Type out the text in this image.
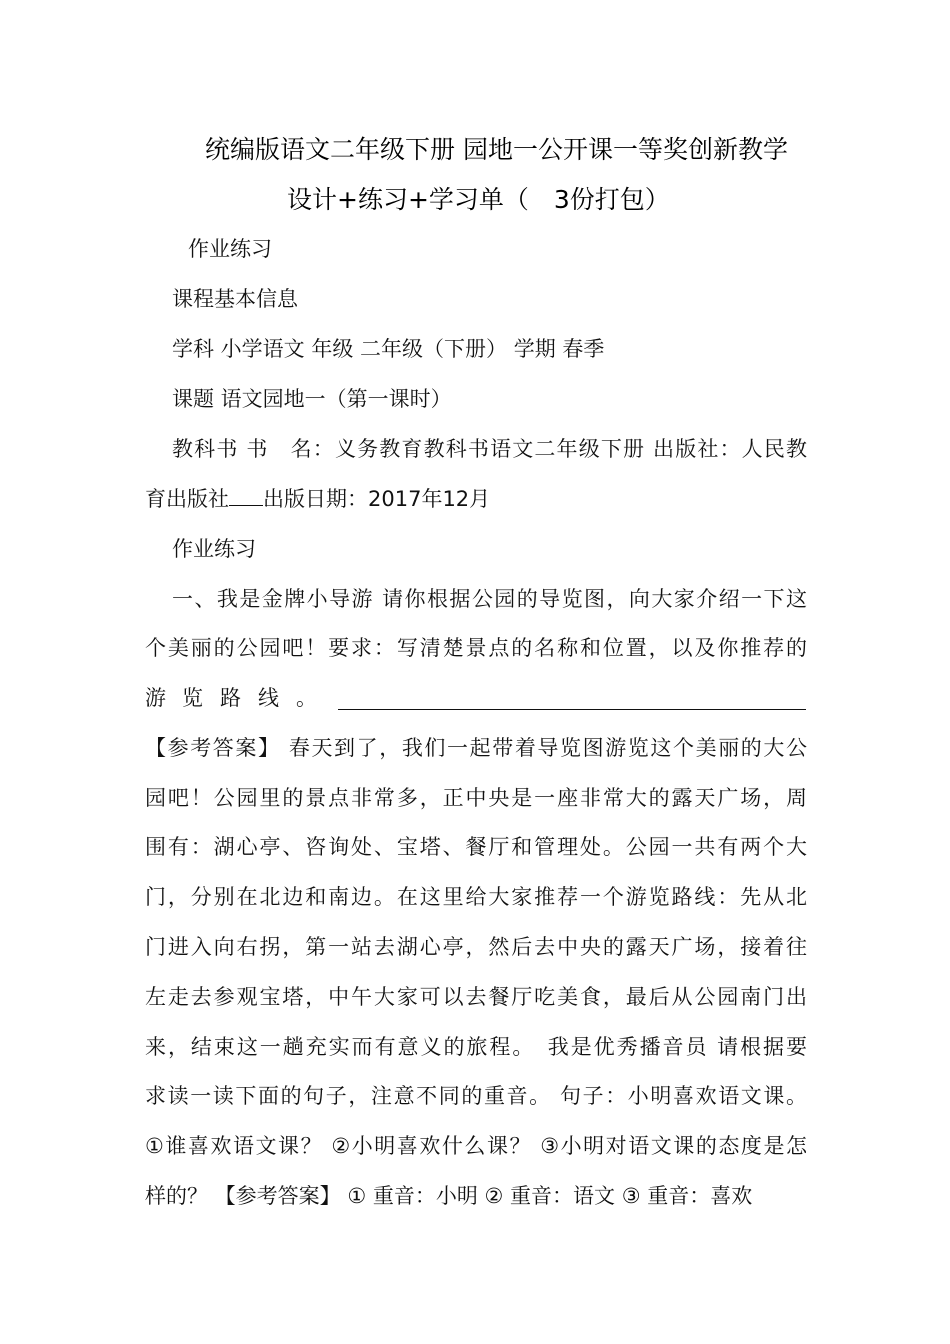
统编版语文二年级下册 园地一公开课一等奖创新教学
设计+练习+学习单（　3份打包）
作业练习
课程基本信息
学科 小学语文 年级 二年级（下册） 学期 春季
课题 语文园地一（第一课时）
教科书 书　名：义务教育教科书语文二年级下册 出版社：人民教
育出版社 出版日期：2017年12月
作业练习
一、我是金牌小导游 请你根据公园的导览图，向大家介绍一下这
个美丽的公园吧！要求：写清楚景点的名称和位置，以及你推荐的
游 览 路 线 。
【参考答案】 春天到了，我们一起带着导览图游览这个美丽的大公
园吧！公园里的景点非常多，正中央是一座非常大的露天广场，周
围有：湖心亭、咨询处、宝塔、餐厅和管理处。公园一共有两个大
门，分别在北边和南边。在这里给大家推荐一个游览路线：先从北
门进入向右拐，第一站去湖心亭，然后去中央的露天广场，接着往
左走去参观宝塔，中午大家可以去餐厅吃美食，最后从公园南门出
来，结束这一趟充实而有意义的旅程。　我是优秀播音员 请根据要
求读一读下面的句子，注意不同的重音。 句子：小明喜欢语文课。
①谁喜欢语文课？ ②小明喜欢什么课？ ③小明对语文课的态度是怎
样的？ 【参考答案】 ① 重音：小明 ② 重音：语文 ③ 重音：喜欢
